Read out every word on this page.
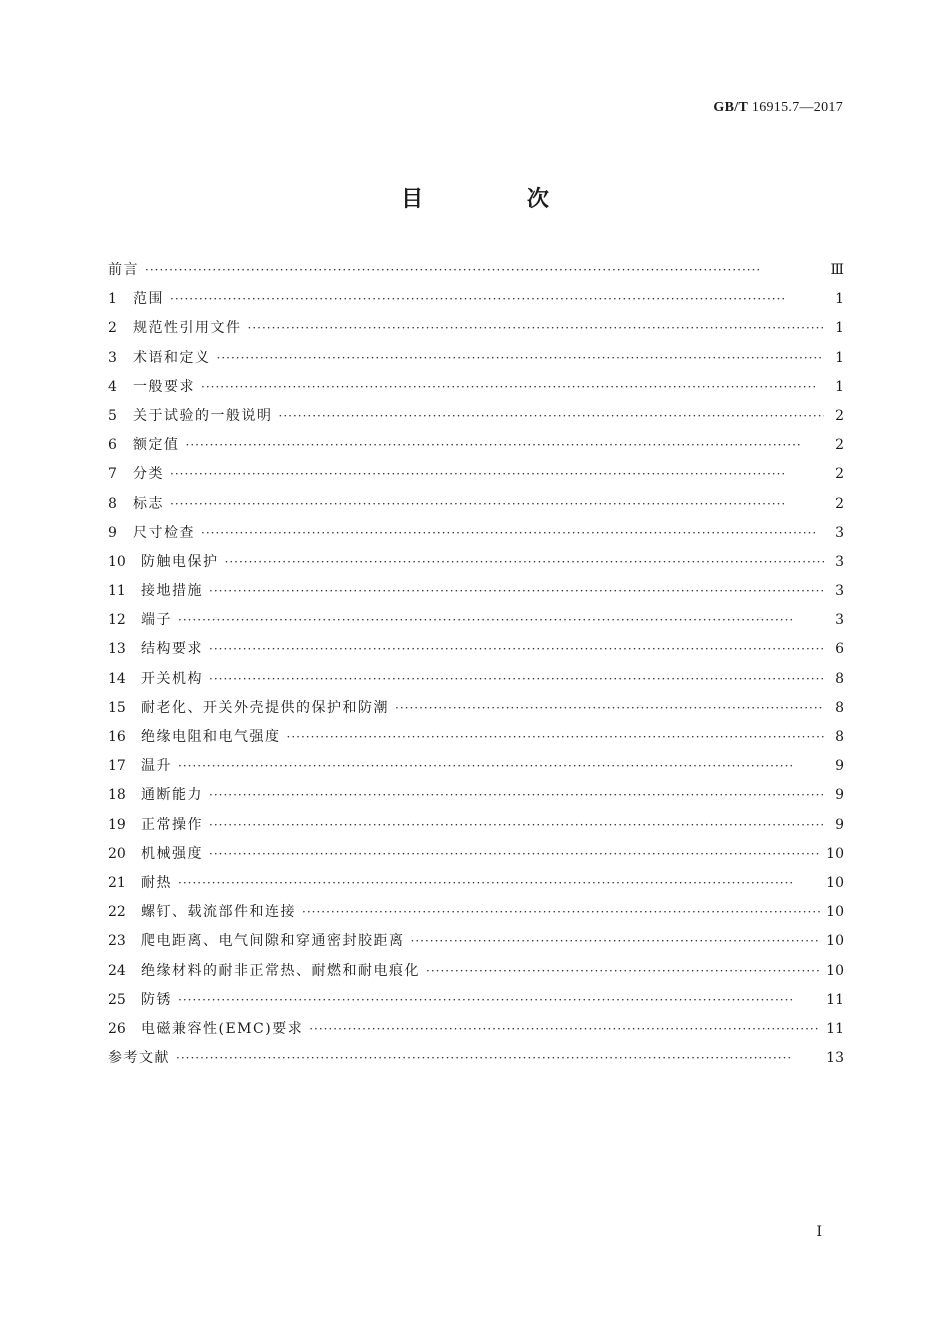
GB/T 16915.7—2017
目 次
前言 ·····	Ⅲ
1	范围 ·····	1
2	规范性引用文件 ·····	1
3	术语和定义 ·····	1
4	一般要求 ·····	1
5	关于试验的一般说明 ·····	2
6	额定值 ·····	2
7	分类 ·····	2
8	标志 ·····	2
9	尺寸检查 ·····	3
10	防触电保护 ·····	3
11	接地措施 ·····	3
12	端子 ·····	3
13	结构要求 ·····	6
14	开关机构 ·····	8
15	耐老化、开关外壳提供的保护和防潮 ·····	8
16	绝缘电阻和电气强度 ·····	8
17	温升 ·····	9
18	通断能力 ·····	9
19	正常操作 ·····	9
20	机械强度 ·····	10
21	耐热 ·····	10
22	螺钉、载流部件和连接 ·····	10
23	爬电距离、电气间隙和穿通密封胶距离 ·····	10
24	绝缘材料的耐非正常热、耐燃和耐电痕化 ·····	10
25	防锈 ·····	11
26	电磁兼容性(EMC)要求 ·····	11
参考文献 ·····	13
I
